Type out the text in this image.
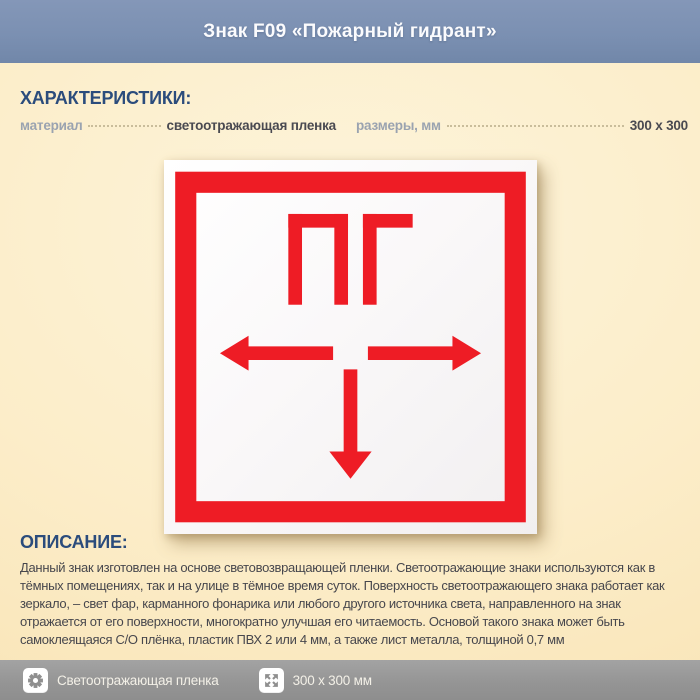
Знак F09 «Пожарный гидрант»
ХАРАКТЕРИСТИКИ:
материал	светоотражающая пленка размеры, мм	300 x 300
ОПИСАНИЕ:
Данный знак изготовлен на основе световозвращающей пленки. Светоотражающие знаки используются как в
тёмных помещениях, так и на улице в тёмное время суток. Поверхность светоотражающего знака работает как
зеркало, – свет фар, карманного фонарика или любого другого источника света, направленного на знак
отражается от его поверхности, многократно улучшая его читаемость. Основой такого знака может быть
самоклеящаяся С/О плёнка, пластик ПВХ 2 или 4 мм, а также лист металла, толщиной 0,7 мм
Светоотражающая пленка	300 x 300 мм
